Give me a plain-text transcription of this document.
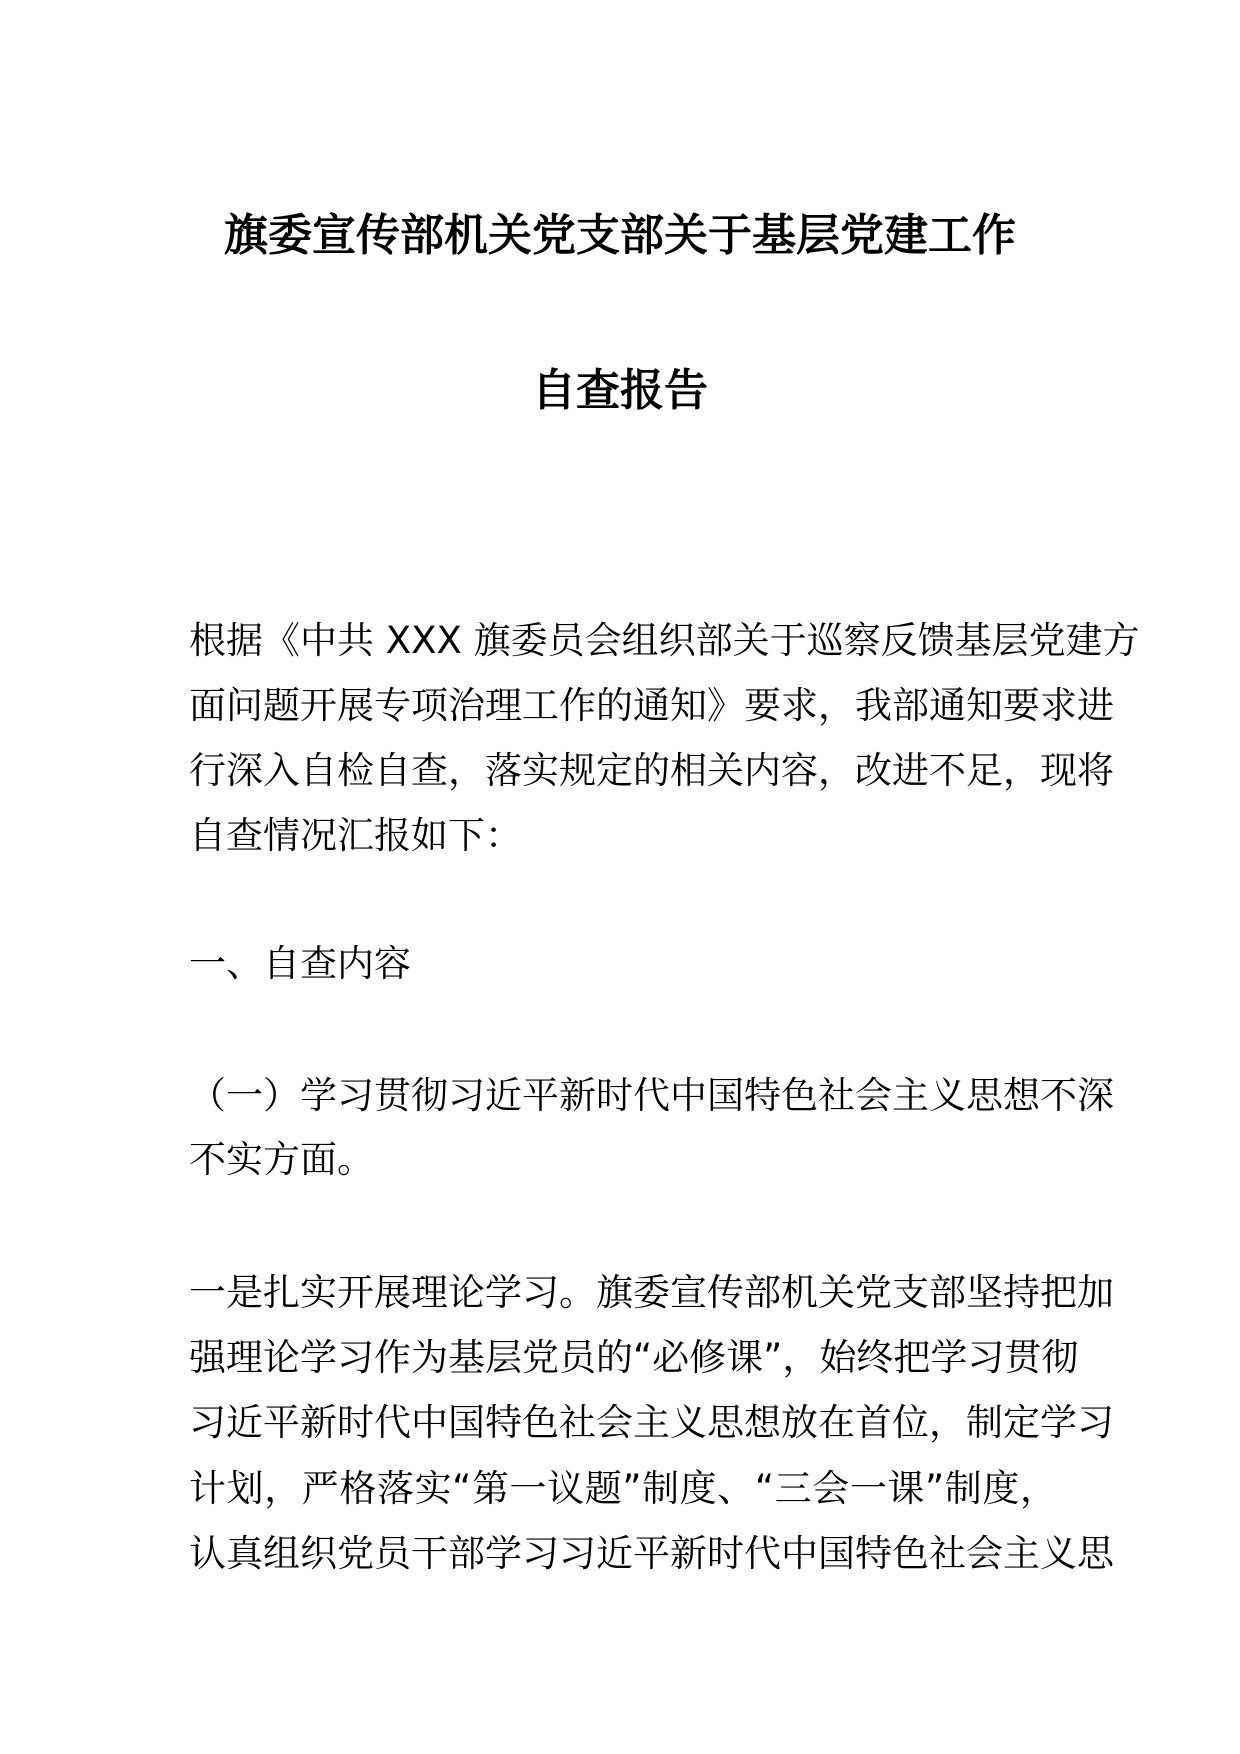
旗委宣传部机关党支部关于基层党建工作
自查报告
根据《中共 XXX 旗委员会组织部关于巡察反馈基层党建方
面问题开展专项治理工作的通知》要求，我部通知要求进
行深入自检自查，落实规定的相关内容，改进不足，现将
自查情况汇报如下：
一、自查内容
（一）学习贯彻习近平新时代中国特色社会主义思想不深
不实方面。
一是扎实开展理论学习。旗委宣传部机关党支部坚持把加
强理论学习作为基层党员的“必修课”，始终把学习贯彻
习近平新时代中国特色社会主义思想放在首位，制定学习
计划，严格落实“第一议题”制度、“三会一课”制度，
认真组织党员干部学习习近平新时代中国特色社会主义思
